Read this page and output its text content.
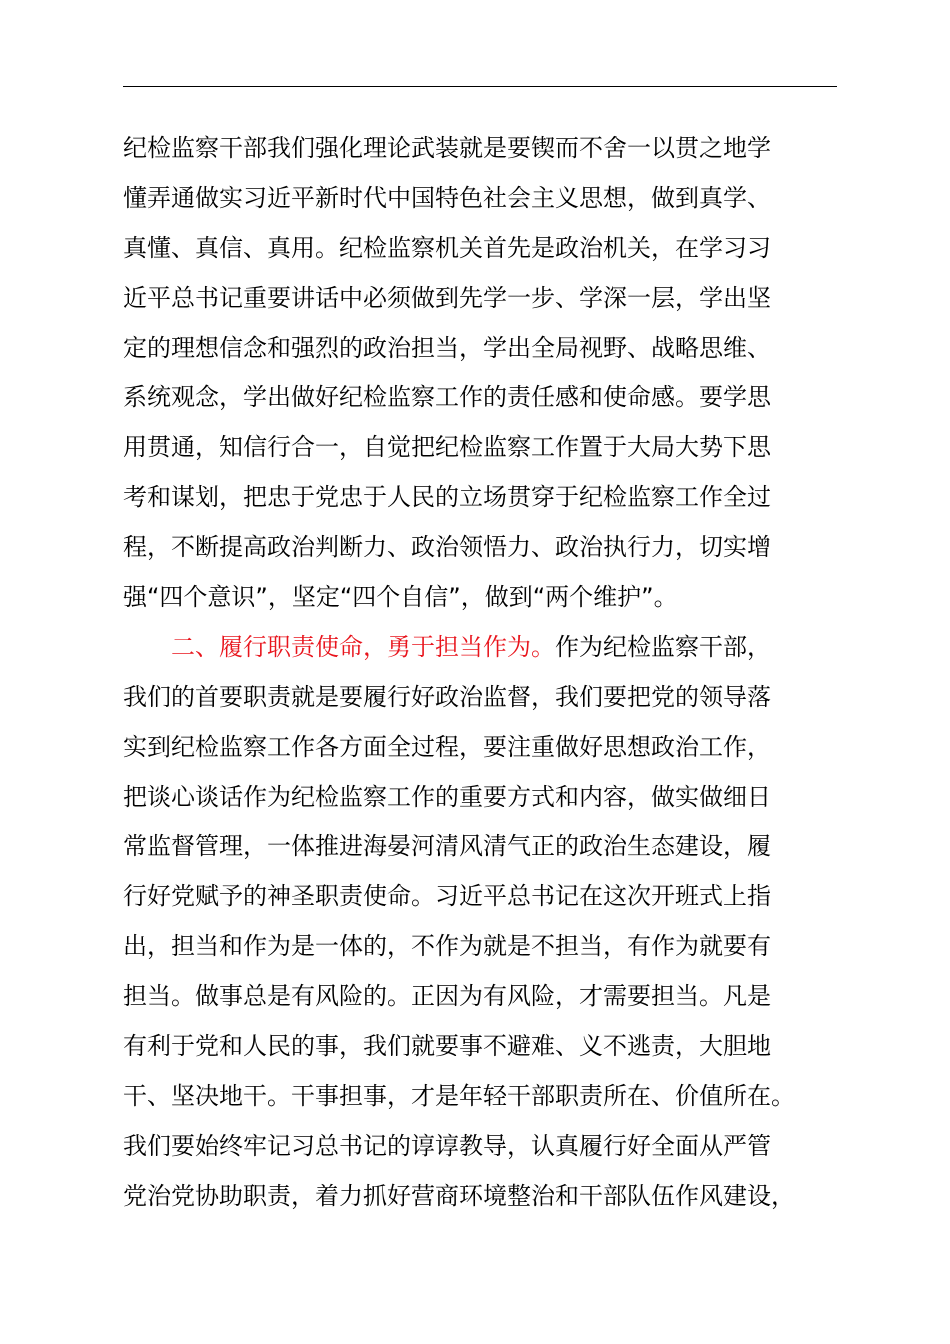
纪检监察干部我们强化理论武装就是要锲而不舍一以贯之地学
懂弄通做实习近平新时代中国特色社会主义思想，做到真学、
真懂、真信、真用。纪检监察机关首先是政治机关，在学习习
近平总书记重要讲话中必须做到先学一步、学深一层，学出坚
定的理想信念和强烈的政治担当，学出全局视野、战略思维、
系统观念，学出做好纪检监察工作的责任感和使命感。要学思
用贯通，知信行合一，自觉把纪检监察工作置于大局大势下思
考和谋划，把忠于党忠于人民的立场贯穿于纪检监察工作全过
程，不断提高政治判断力、政治领悟力、政治执行力，切实增
强“四个意识”，坚定“四个自信”，做到“两个维护”。
二、履行职责使命，勇于担当作为。作为纪检监察干部，
我们的首要职责就是要履行好政治监督，我们要把党的领导落
实到纪检监察工作各方面全过程，要注重做好思想政治工作，
把谈心谈话作为纪检监察工作的重要方式和内容，做实做细日
常监督管理，一体推进海晏河清风清气正的政治生态建设，履
行好党赋予的神圣职责使命。习近平总书记在这次开班式上指
出，担当和作为是一体的，不作为就是不担当，有作为就要有
担当。做事总是有风险的。正因为有风险，才需要担当。凡是
有利于党和人民的事，我们就要事不避难、义不逃责，大胆地
干、坚决地干。干事担事，才是年轻干部职责所在、价值所在。
我们要始终牢记习总书记的谆谆教导，认真履行好全面从严管
党治党协助职责，着力抓好营商环境整治和干部队伍作风建设，
